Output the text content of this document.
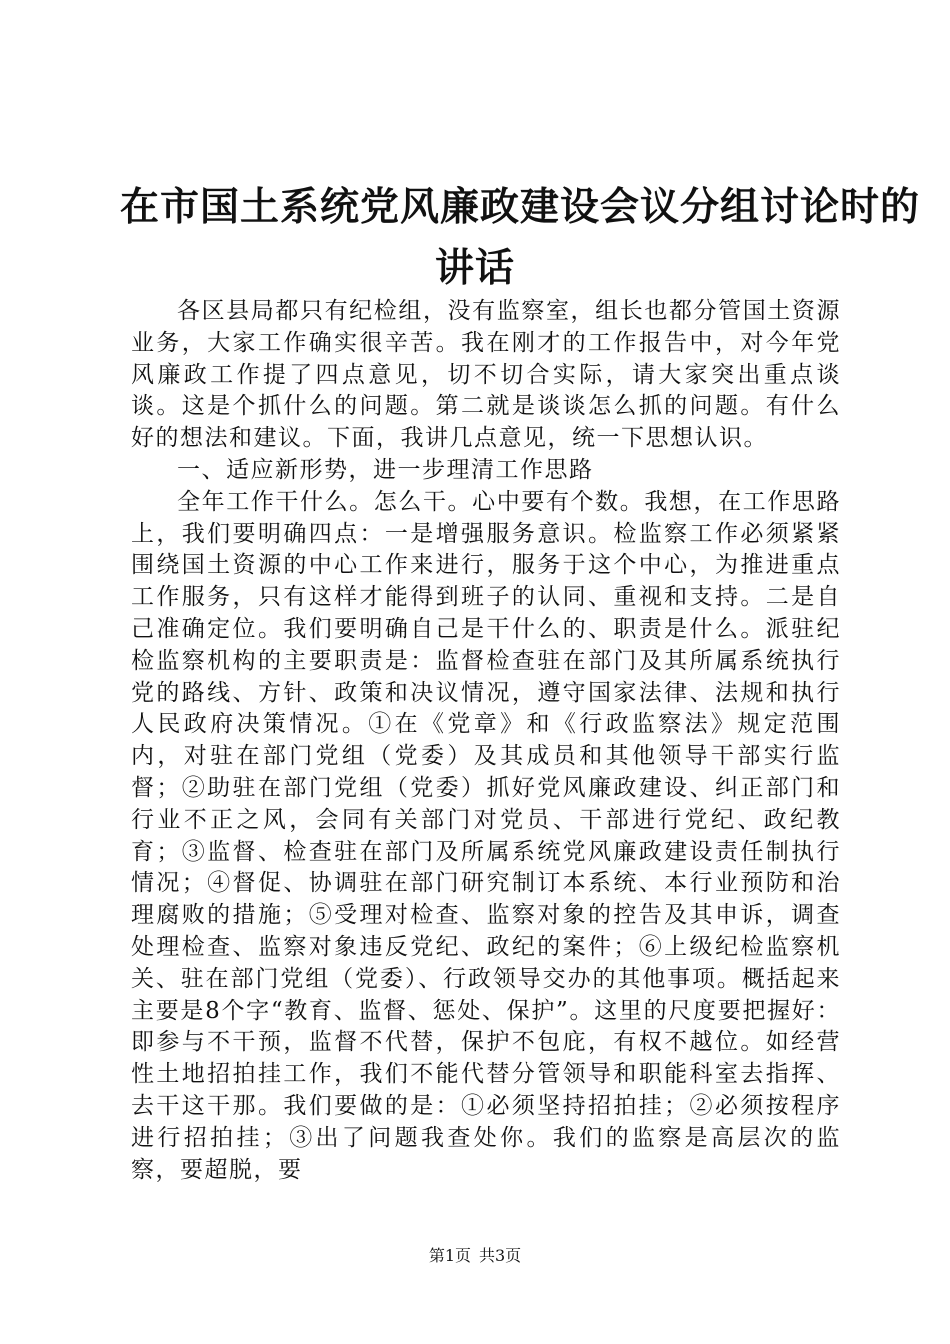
在市国土系统党风廉政建设会议分组讨论时的
讲话

各区县局都只有纪检组，没有监察室，组长也都分管国土资源业务，大家工作确实很辛苦。我在刚才的工作报告中，对今年党风廉政工作提了四点意见，切不切合实际，请大家突出重点谈谈。这是个抓什么的问题。第二就是谈谈怎么抓的问题。有什么好的想法和建议。下面，我讲几点意见，统一下思想认识。

一、适应新形势，进一步理清工作思路

全年工作干什么。怎么干。心中要有个数。我想，在工作思路上，我们要明确四点：一是增强服务意识。检监察工作必须紧紧围绕国土资源的中心工作来进行，服务于这个中心，为推进重点工作服务，只有这样才能得到班子的认同、重视和支持。二是自己准确定位。我们要明确自己是干什么的、职责是什么。派驻纪检监察机构的主要职责是：监督检查驻在部门及其所属系统执行党的路线、方针、政策和决议情况，遵守国家法律、法规和执行人民政府决策情况。①在《党章》和《行政监察法》规定范围内，对驻在部门党组（党委）及其成员和其他领导干部实行监督；②助驻在部门党组（党委）抓好党风廉政建设、纠正部门和行业不正之风，会同有关部门对党员、干部进行党纪、政纪教育；③监督、检查驻在部门及所属系统党风廉政建设责任制执行情况；④督促、协调驻在部门研究制订本系统、本行业预防和治理腐败的措施；⑤受理对检查、监察对象的控告及其申诉，调查处理检查、监察对象违反党纪、政纪的案件；⑥上级纪检监察机关、驻在部门党组（党委）、行政领导交办的其他事项。概括起来主要是8个字“教育、监督、惩处、保护”。这里的尺度要把握好：即参与不干预，监督不代替，保护不包庇，有权不越位。如经营性土地招拍挂工作，我们不能代替分管领导和职能科室去指挥、去干这干那。我们要做的是：①必须坚持招拍挂；②必须按程序进行招拍挂；③出了问题我查处你。我们的监察是高层次的监察，要超脱，要

第1页 共3页
